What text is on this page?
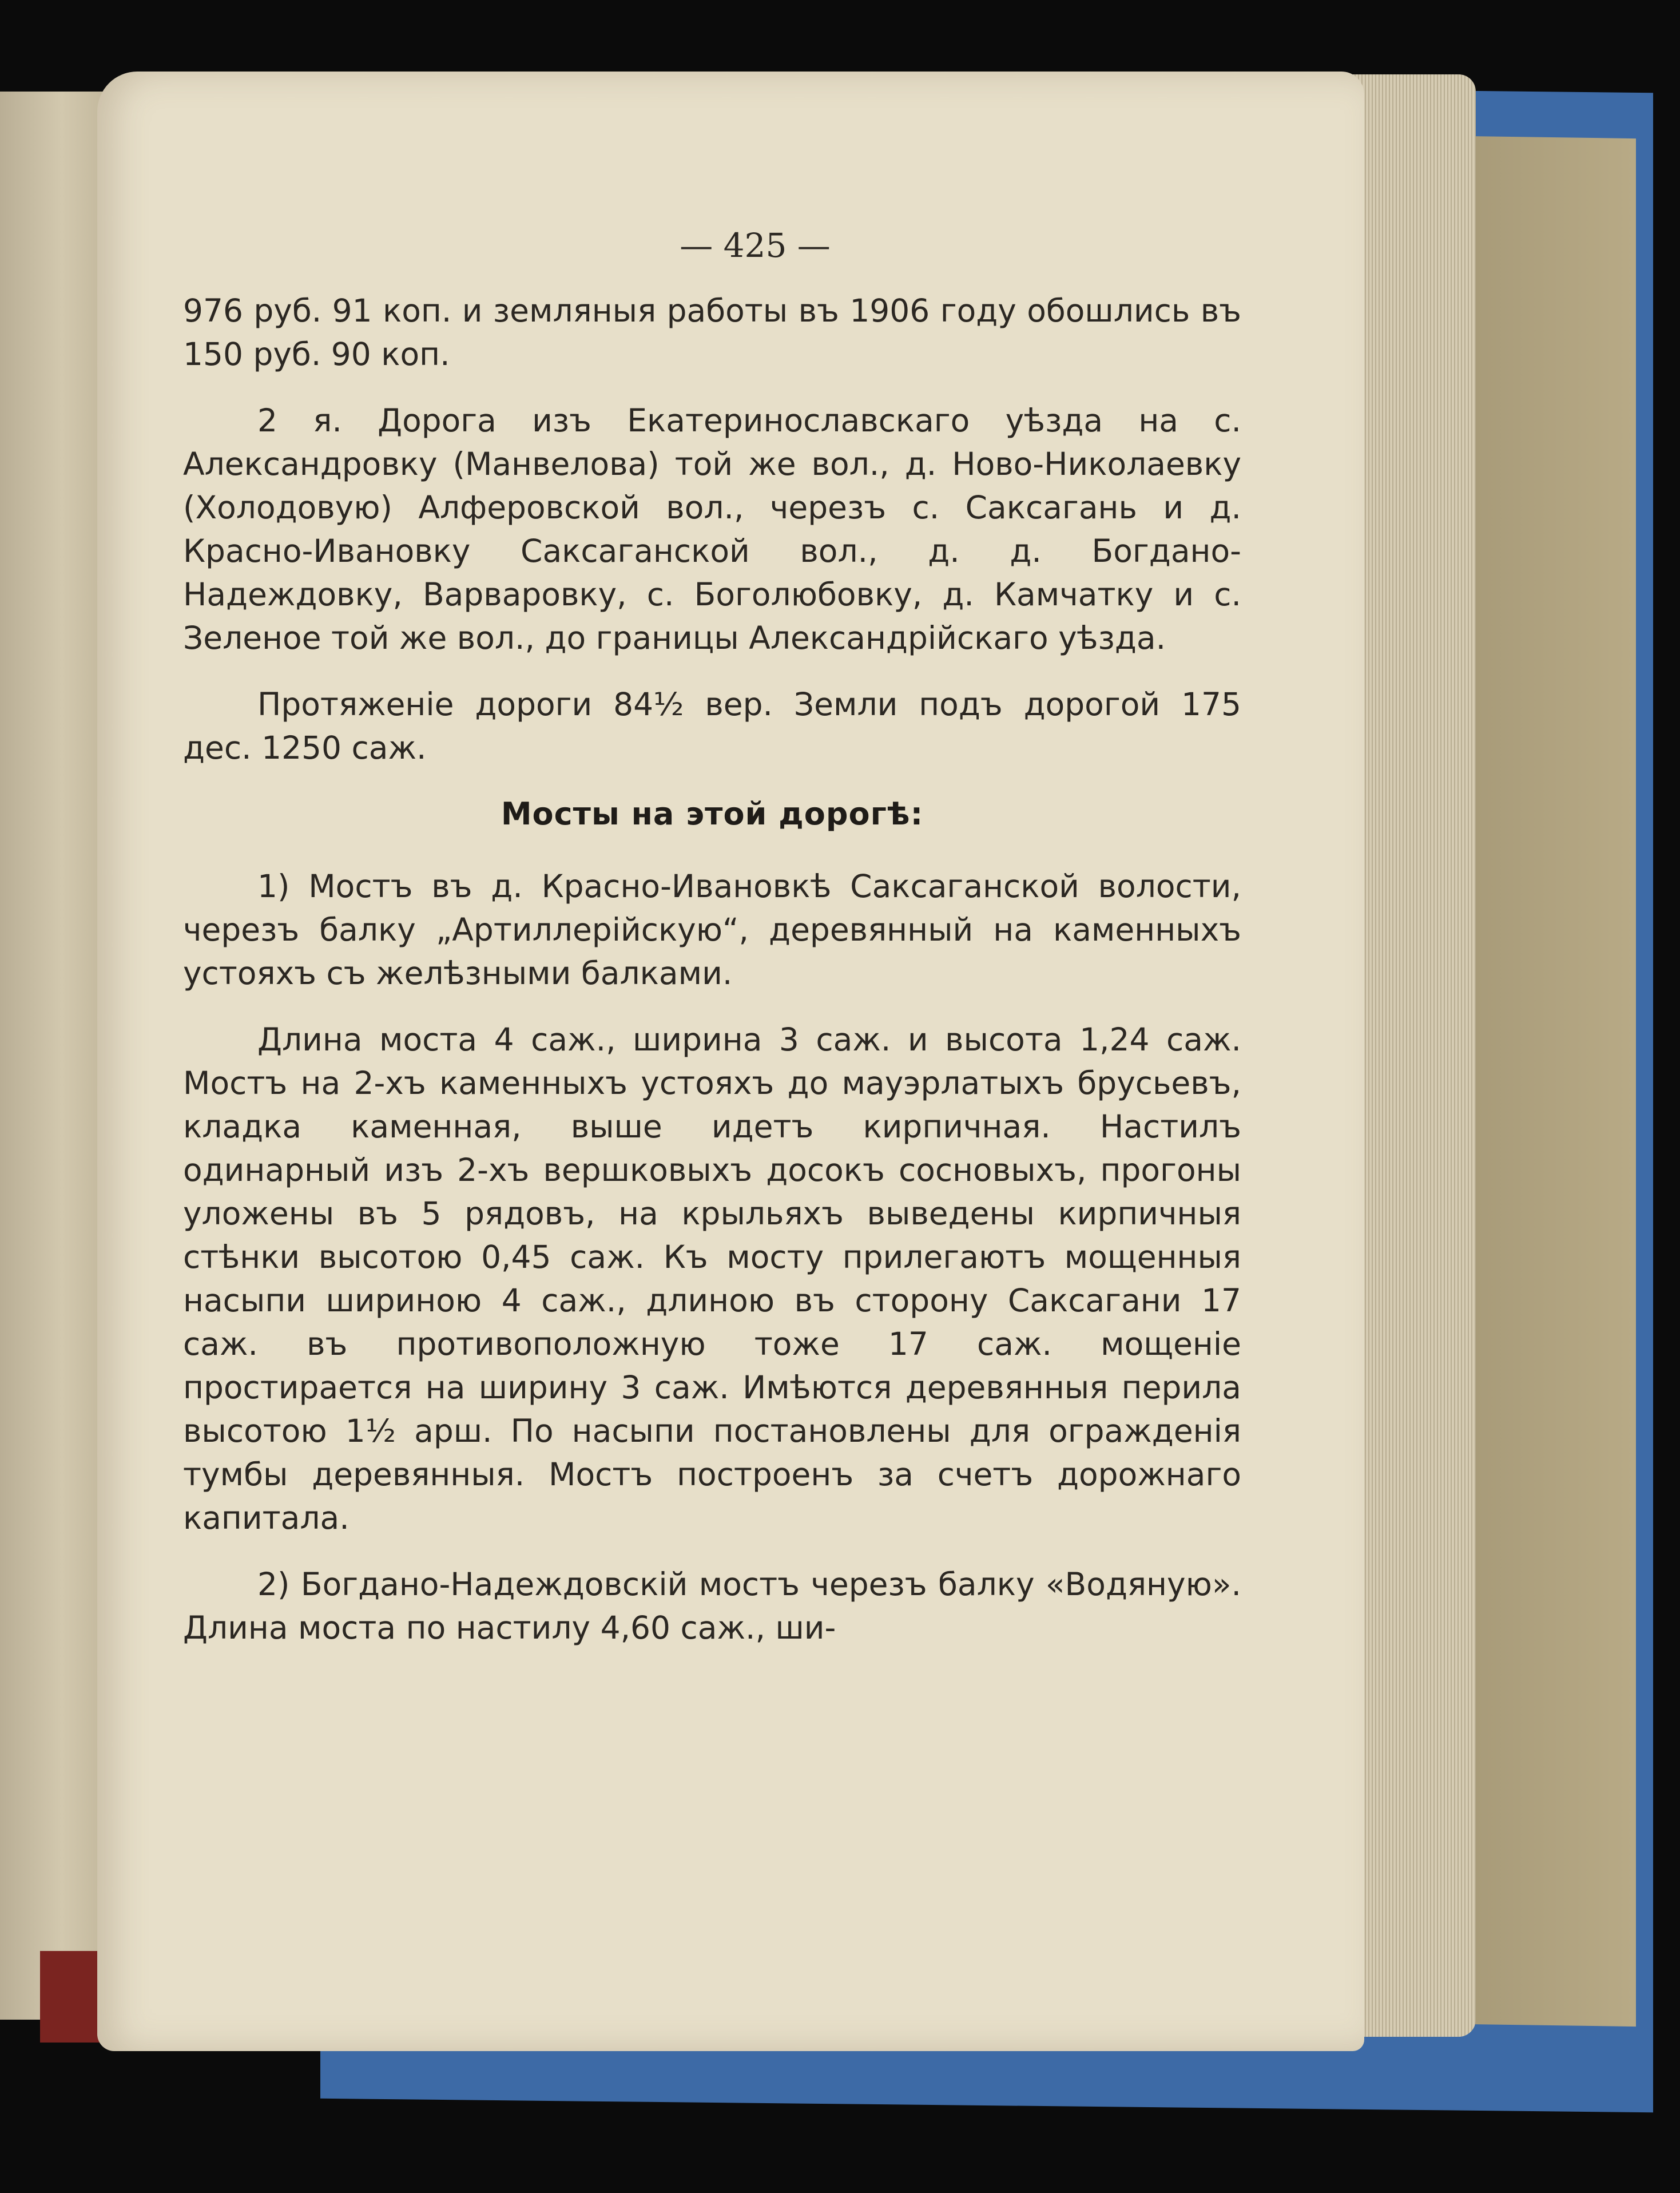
— 425 —

976 руб. 91 коп. и земляныя работы въ 1906 году обошлись въ 150 руб. 90 коп.

2 я. Дорога изъ Екатеринославскаго уѣзда на с. Александровку (Манвелова) той же вол., д. Ново-Николаевку (Холодовую) Алферовской вол., черезъ с. Саксагань и д. Красно-Ивановку Саксаганской вол., д. д. Богдано-Надеждовку, Варваровку, с. Боголюбовку, д. Камчатку и с. Зеленое той же вол., до границы Александрійскаго уѣзда.

Протяженіе дороги 84½ вер. Земли подъ дорогой 175 дес. 1250 саж.

Мосты на этой дорогѣ:

1) Мостъ въ д. Красно-Ивановкѣ Саксаганской волости, черезъ балку „Артиллерійскую“, деревянный на каменныхъ устояхъ съ желѣзными балками.

Длина моста 4 саж., ширина 3 саж. и высота 1,24 саж. Мостъ на 2-хъ каменныхъ устояхъ до мауэрлатыхъ брусьевъ, кладка каменная, выше идетъ кирпичная. Настилъ одинарный изъ 2-хъ вершковыхъ досокъ сосновыхъ, прогоны уложены въ 5 рядовъ, на крыльяхъ выведены кирпичныя стѣнки высотою 0,45 саж. Къ мосту прилегаютъ мощенныя насыпи шириною 4 саж., длиною въ сторону Саксагани 17 саж. въ противоположную тоже 17 саж. мощеніе простирается на ширину 3 саж. Имѣются деревянныя перила высотою 1½ арш. По насыпи постановлены для огражденія тумбы деревянныя. Мостъ построенъ за счетъ дорожнаго капитала.

2) Богдано-Надеждовскій мостъ черезъ балку «Водяную». Длина моста по настилу 4,60 саж., ши-
